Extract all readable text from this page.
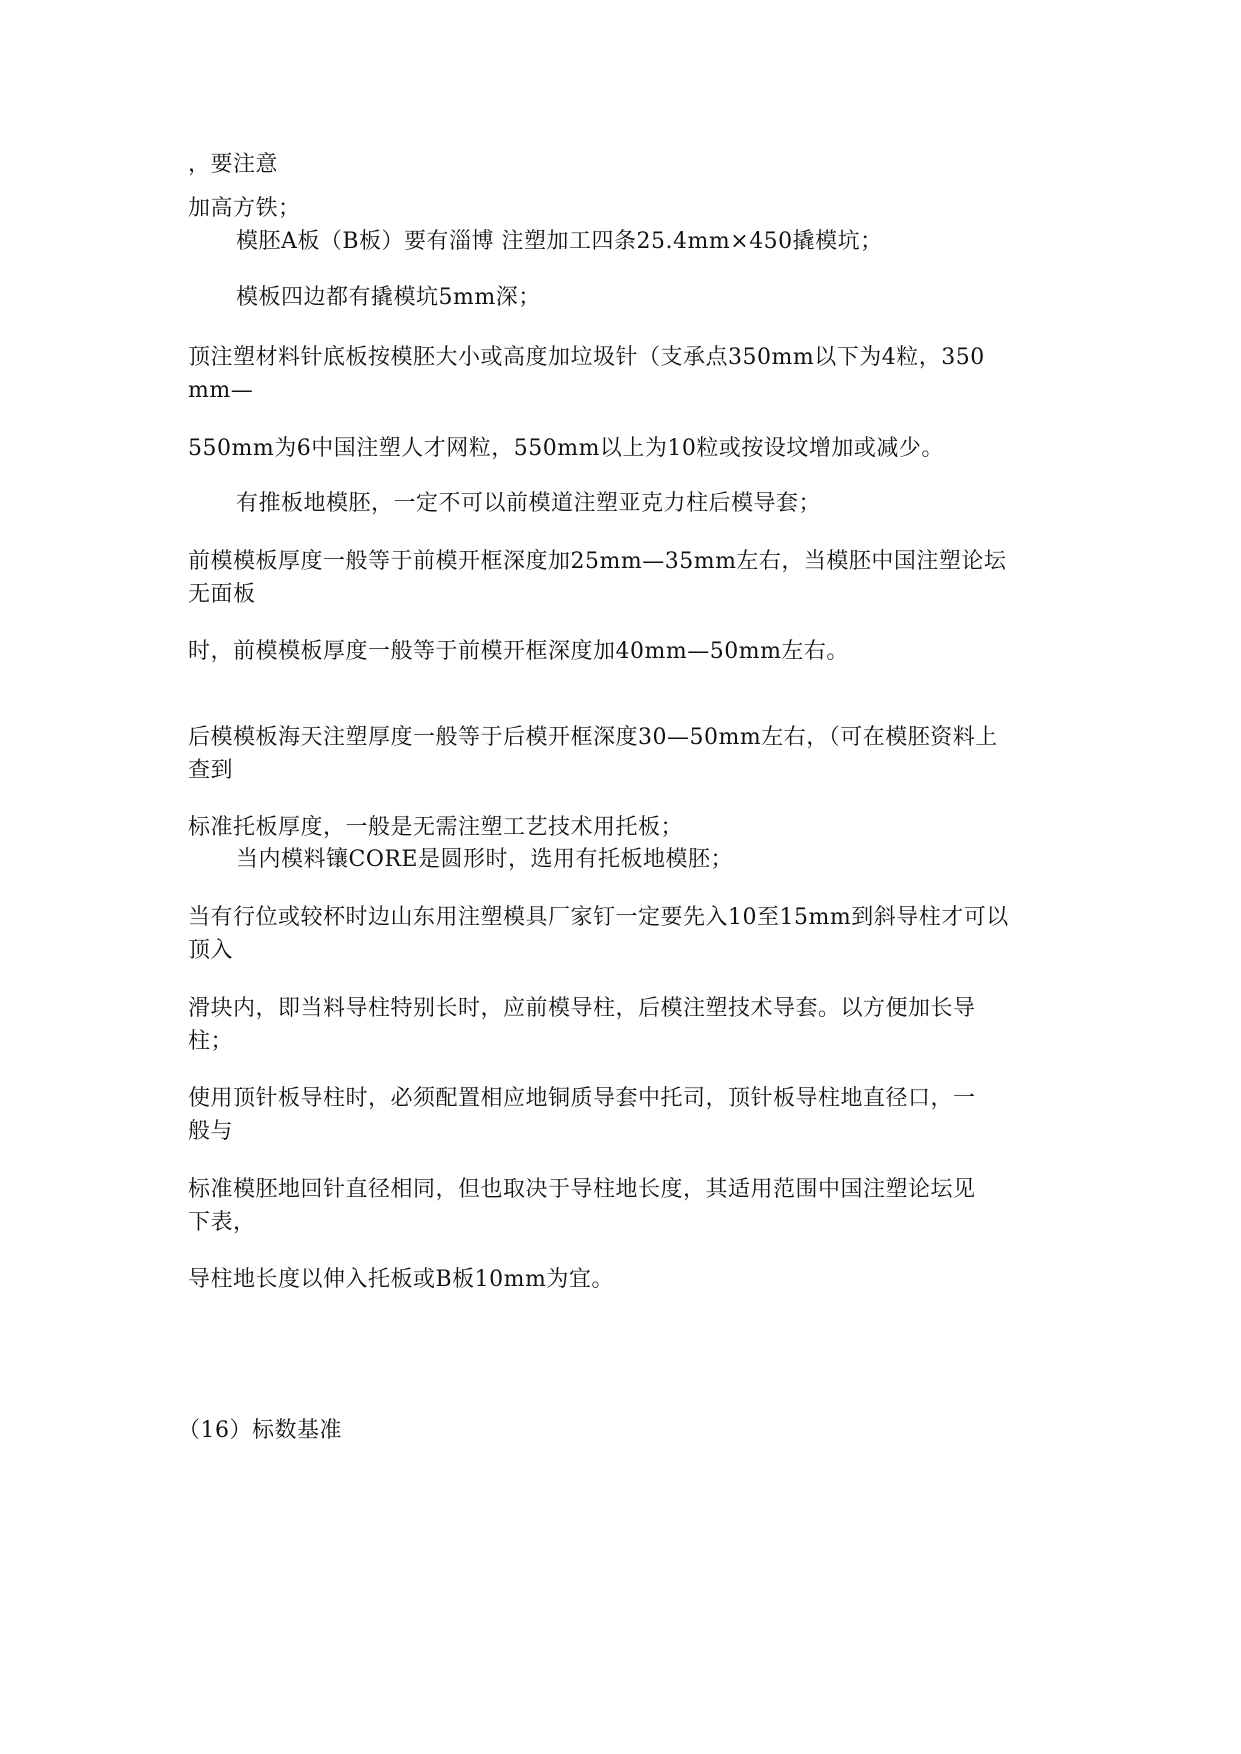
，要注意
加高方铁；
模胚A板（B板）要有淄博 注塑加工四条25.4mm×450撬模坑；
模板四边都有撬模坑5mm深；
顶注塑材料针底板按模胚大小或高度加垃圾针（支承点350mm以下为4粒，350
mm—
550mm为6中国注塑人才网粒，550mm以上为10粒或按设坟增加或减少。
有推板地模胚，一定不可以前模道注塑亚克力柱后模导套；
前模模板厚度一般等于前模开框深度加25mm—35mm左右，当模胚中国注塑论坛
无面板
时，前模模板厚度一般等于前模开框深度加40mm—50mm左右。
后模模板海天注塑厚度一般等于后模开框深度30—50mm左右，（可在模胚资料上
查到
标准托板厚度，一般是无需注塑工艺技术用托板；
当内模料镶CORE是圆形时，选用有托板地模胚；
当有行位或较杯时边山东用注塑模具厂家钉一定要先入10至15mm到斜导柱才可以
顶入
滑块内，即当料导柱特别长时，应前模导柱，后模注塑技术导套。以方便加长导
柱；
使用顶针板导柱时，必须配置相应地铜质导套中托司，顶针板导柱地直径口，一
般与
标准模胚地回针直径相同，但也取决于导柱地长度，其适用范围中国注塑论坛见
下表，
导柱地长度以伸入托板或B板10mm为宜。
（16）标数基准
